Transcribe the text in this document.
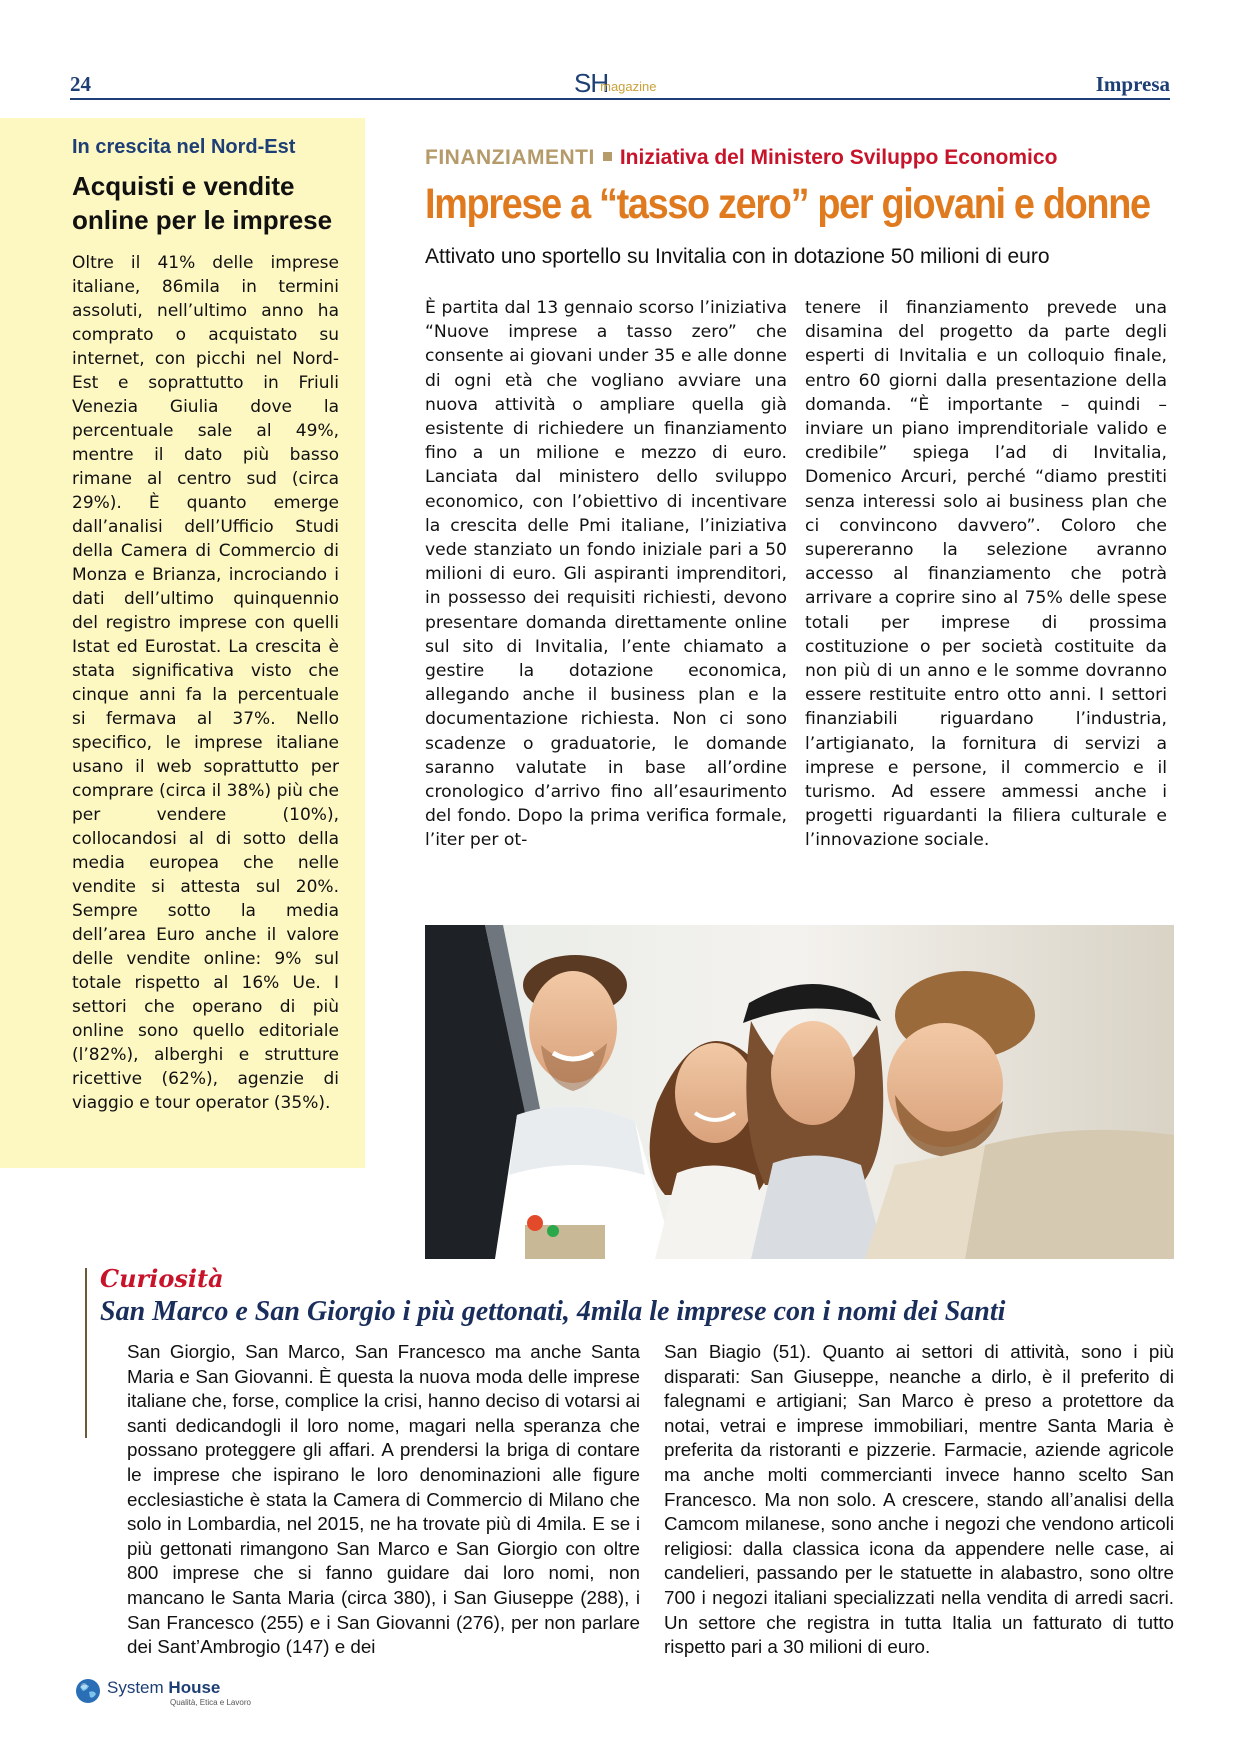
24	SHmagazine	Impresa
In crescita nel Nord-Est
Acquisti e vendite online per le imprese

Oltre il 41% delle imprese italiane, 86mila in termini assoluti, nell’ultimo anno ha comprato o acquistato su internet, con picchi nel Nord-Est e soprattutto in Friuli Venezia Giulia dove la percentuale sale al 49%, mentre il dato più basso rimane al centro sud (circa 29%). È quanto emerge dall’analisi dell’Ufficio Studi della Camera di Commercio di Monza e Brianza, incrociando i dati dell’ultimo quinquennio del registro imprese con quelli Istat ed Eurostat. La crescita è stata significativa visto che cinque anni fa la percentuale si fermava al 37%. Nello specifico, le imprese italiane usano il web soprattutto per comprare (circa il 38%) più che per vendere (10%), collocandosi al di sotto della media europea che nelle vendite si attesta sul 20%. Sempre sotto la media dell’area Euro anche il valore delle vendite online: 9% sul totale rispetto al 16% Ue. I settori che operano di più online sono quello editoriale (l’82%), alberghi e strutture ricettive (62%), agenzie di viaggio e tour operator (35%).

FINANZIAMENTI Iniziativa del Ministero Sviluppo Economico
Imprese a “tasso zero” per giovani e donne
Attivato uno sportello su Invitalia con in dotazione 50 milioni di euro

È partita dal 13 gennaio scorso l’iniziativa “Nuove imprese a tasso zero” che consente ai giovani under 35 e alle donne di ogni età che vogliano avviare una nuova attività o ampliare quella già esistente di richiedere un finanziamento fino a un milione e mezzo di euro. Lanciata dal ministero dello sviluppo economico, con l’obiettivo di incentivare la crescita delle Pmi italiane, l’iniziativa vede stanziato un fondo iniziale pari a 50 milioni di euro. Gli aspiranti imprenditori, in possesso dei requisiti richiesti, devono presentare domanda direttamente online sul sito di Invitalia, l’ente chiamato a gestire la dotazione economica, allegando anche il business plan e la documentazione richiesta. Non ci sono scadenze o graduatorie, le domande saranno valutate in base all’ordine cronologico d’arrivo fino all’esaurimento del fondo. Dopo la prima verifica formale, l’iter per ot-

tenere il finanziamento prevede una disamina del progetto da parte degli esperti di Invitalia e un colloquio finale, entro 60 giorni dalla presentazione della domanda. “È importante – quindi – inviare un piano imprenditoriale valido e credibile” spiega l’ad di Invitalia, Domenico Arcuri, perché “diamo prestiti senza interessi solo ai business plan che ci convincono davvero”. Coloro che supereranno la selezione avranno accesso al finanziamento che potrà arrivare a coprire sino al 75% delle spese totali per imprese di prossima costituzione o per società costituite da non più di un anno e le somme dovranno essere restituite entro otto anni. I settori finanziabili riguardano l’industria, l’artigianato, la fornitura di servizi a imprese e persone, il commercio e il turismo. Ad essere ammessi anche i progetti riguardanti la filiera culturale e l’innovazione sociale.

Curiosità
San Marco e San Giorgio i più gettonati, 4mila le imprese con i nomi dei Santi

San Giorgio, San Marco, San Francesco ma anche Santa Maria e San Giovanni. È questa la nuova moda delle imprese italiane che, forse, complice la crisi, hanno deciso di votarsi ai santi dedicandogli il loro nome, magari nella speranza che possano proteggere gli affari. A prendersi la briga di contare le imprese che ispirano le loro denominazioni alle figure ecclesiastiche è stata la Camera di Commercio di Milano che solo in Lombardia, nel 2015, ne ha trovate più di 4mila. E se i più gettonati rimangono San Marco e San Giorgio con oltre 800 imprese che si fanno guidare dai loro nomi, non mancano le Santa Maria (circa 380), i San Giuseppe (288), i San Francesco (255) e i San Giovanni (276), per non parlare dei Sant’Ambrogio (147) e dei

San Biagio (51). Quanto ai settori di attività, sono i più disparati: San Giuseppe, neanche a dirlo, è il preferito di falegnami e artigiani; San Marco è preso a protettore da notai, vetrai e imprese immobiliari, mentre Santa Maria è preferita da ristoranti e pizzerie. Farmacie, aziende agricole ma anche molti commercianti invece hanno scelto San Francesco. Ma non solo. A crescere, stando all’analisi della Camcom milanese, sono anche i negozi che vendono articoli religiosi: dalla classica icona da appendere nelle case, ai candelieri, passando per le statuette in alabastro, sono oltre 700 i negozi italiani specializzati nella vendita di arredi sacri. Un settore che registra in tutta Italia un fatturato di tutto rispetto pari a 30 milioni di euro.

System House
Qualità, Etica e Lavoro
